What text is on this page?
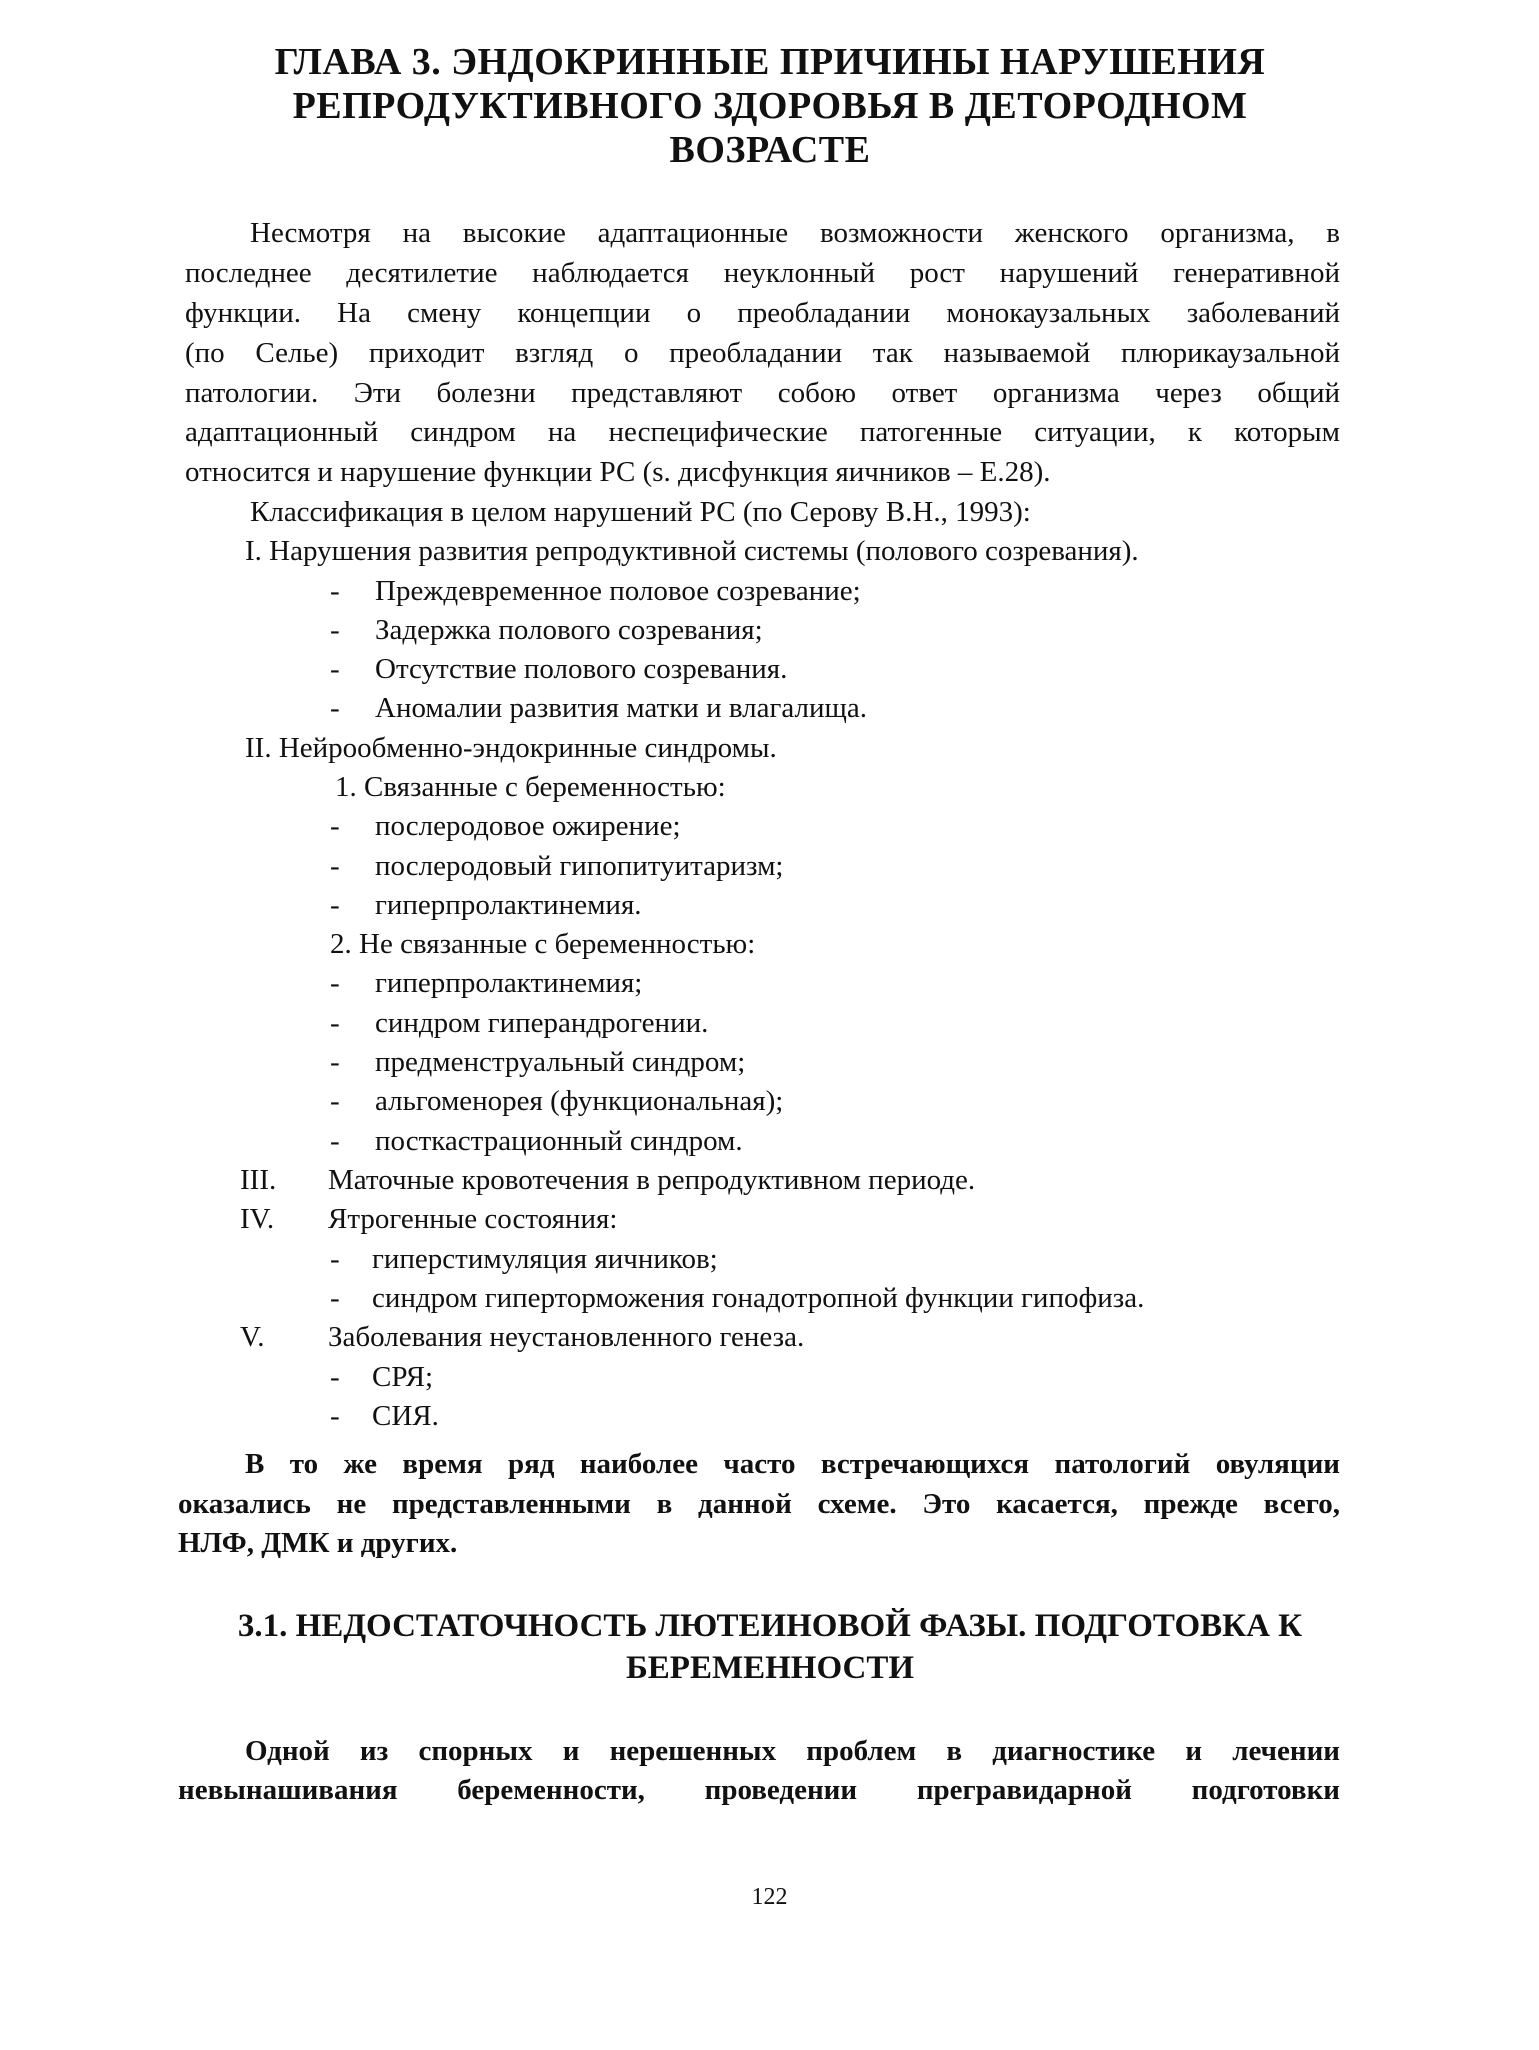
ГЛАВА 3. ЭНДОКРИННЫЕ ПРИЧИНЫ НАРУШЕНИЯ
РЕПРОДУКТИВНОГО ЗДОРОВЬЯ В ДЕТОРОДНОМ
ВОЗРАСТЕ
Несмотря на высокие адаптационные возможности женского организма, в
последнее десятилетие наблюдается неуклонный рост нарушений генеративной
функции. На смену концепции о преобладании монокаузальных заболеваний
(по Селье) приходит взгляд о преобладании так называемой плюрикаузальной
патологии. Эти болезни представляют собою ответ организма через общий
адаптационный синдром на неспецифические патогенные ситуации, к которым
относится и нарушение функции РС (s. дисфункция яичников – E.28).
Классификация в целом нарушений РС (по Серову В.Н., 1993):
I. Нарушения развития репродуктивной системы (полового созревания).
- Преждевременное половое созревание;
- Задержка полового созревания;
- Отсутствие полового созревания.
- Аномалии развития матки и влагалища.
II. Нейрообменно-эндокринные синдромы.
1. Связанные с беременностью:
- послеродовое ожирение;
- послеродовый гипопитуитаризм;
- гиперпролактинемия.
2. Не связанные с беременностью:
- гиперпролактинемия;
- синдром гиперандрогении.
- предменструальный синдром;
- альгоменорея (функциональная);
- посткастрационный синдром.
III. Маточные кровотечения в репродуктивном периоде.
IV. Ятрогенные состояния:
- гиперстимуляция яичников;
- синдром гиперторможения гонадотропной функции гипофиза.
V. Заболевания неустановленного генеза.
- СРЯ;
- СИЯ.
В то же время ряд наиболее часто встречающихся патологий овуляции
оказались не представленными в данной схеме. Это касается, прежде всего,
НЛФ, ДМК и других.
3.1. НЕДОСТАТОЧНОСТЬ ЛЮТЕИНОВОЙ ФАЗЫ. ПОДГОТОВКА К
БЕРЕМЕННОСТИ
Одной из спорных и нерешенных проблем в диагностике и лечении
невынашивания беременности, проведении прегравидарной подготовки
122
